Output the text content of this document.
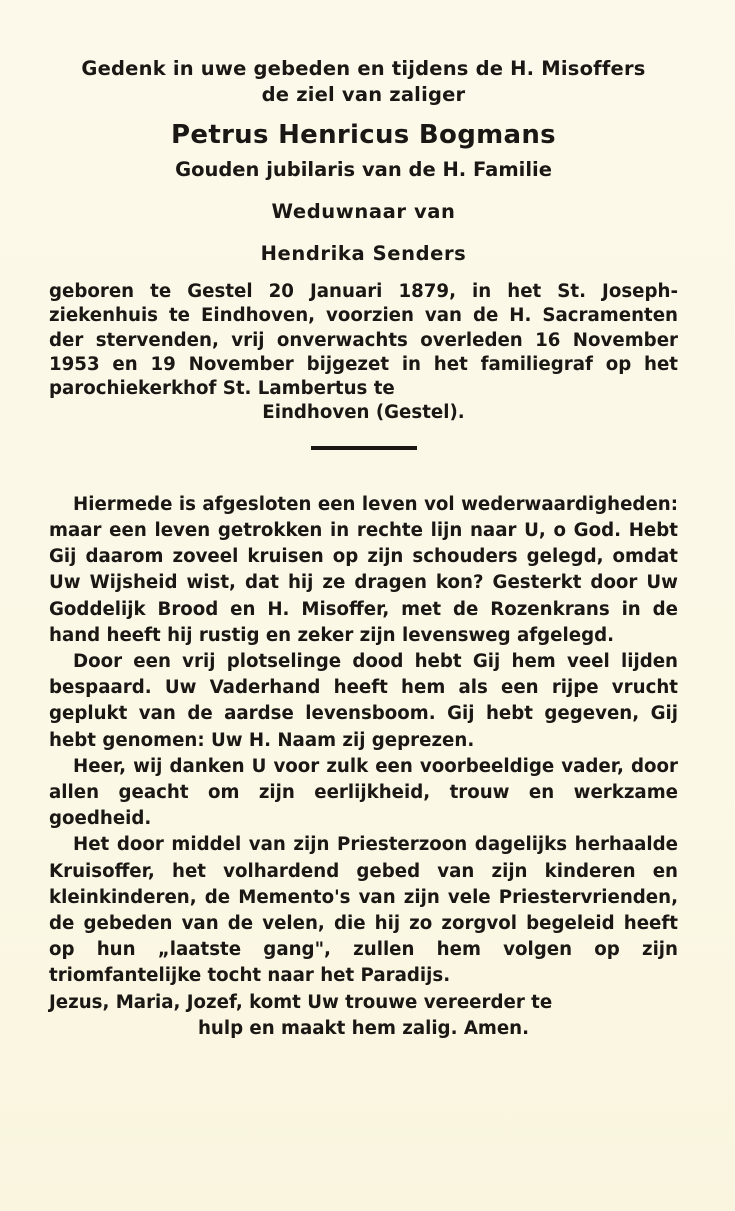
Gedenk in uwe gebeden en tijdens de H. Misoffers
de ziel van zaliger
Petrus Henricus Bogmans
Gouden jubilaris van de H. Familie
Weduwnaar van
Hendrika Senders
geboren te Gestel 20 Januari 1879, in het St. Joseph-ziekenhuis te Eindhoven, voorzien van de H. Sacramenten der stervenden, vrij onverwachts overleden 16 November 1953 en 19 November bijgezet in het familiegraf op het parochiekerkhof St. Lambertus te
Eindhoven (Gestel).

Hiermede is afgesloten een leven vol wederwaardigheden: maar een leven getrokken in rechte lijn naar U, o God. Hebt Gij daarom zoveel kruisen op zijn schouders gelegd, omdat Uw Wijsheid wist, dat hij ze dragen kon? Gesterkt door Uw Goddelijk Brood en H. Misoffer, met de Rozenkrans in de hand heeft hij rustig en zeker zijn levensweg afgelegd.

Door een vrij plotselinge dood hebt Gij hem veel lijden bespaard. Uw Vaderhand heeft hem als een rijpe vrucht geplukt van de aardse levensboom. Gij hebt gegeven, Gij hebt genomen: Uw H. Naam zij geprezen.

Heer, wij danken U voor zulk een voorbeeldige vader, door allen geacht om zijn eerlijkheid, trouw en werkzame goedheid.

Het door middel van zijn Priesterzoon dagelijks herhaalde Kruisoffer, het volhardend gebed van zijn kinderen en kleinkinderen, de Memento's van zijn vele Priestervrienden, de gebeden van de velen, die hij zo zorgvol begeleid heeft op hun „laatste gang", zullen hem volgen op zijn triomfantelijke tocht naar het Paradijs.

Jezus, Maria, Jozef, komt Uw trouwe vereerder te

hulp en maakt hem zalig. Amen.
